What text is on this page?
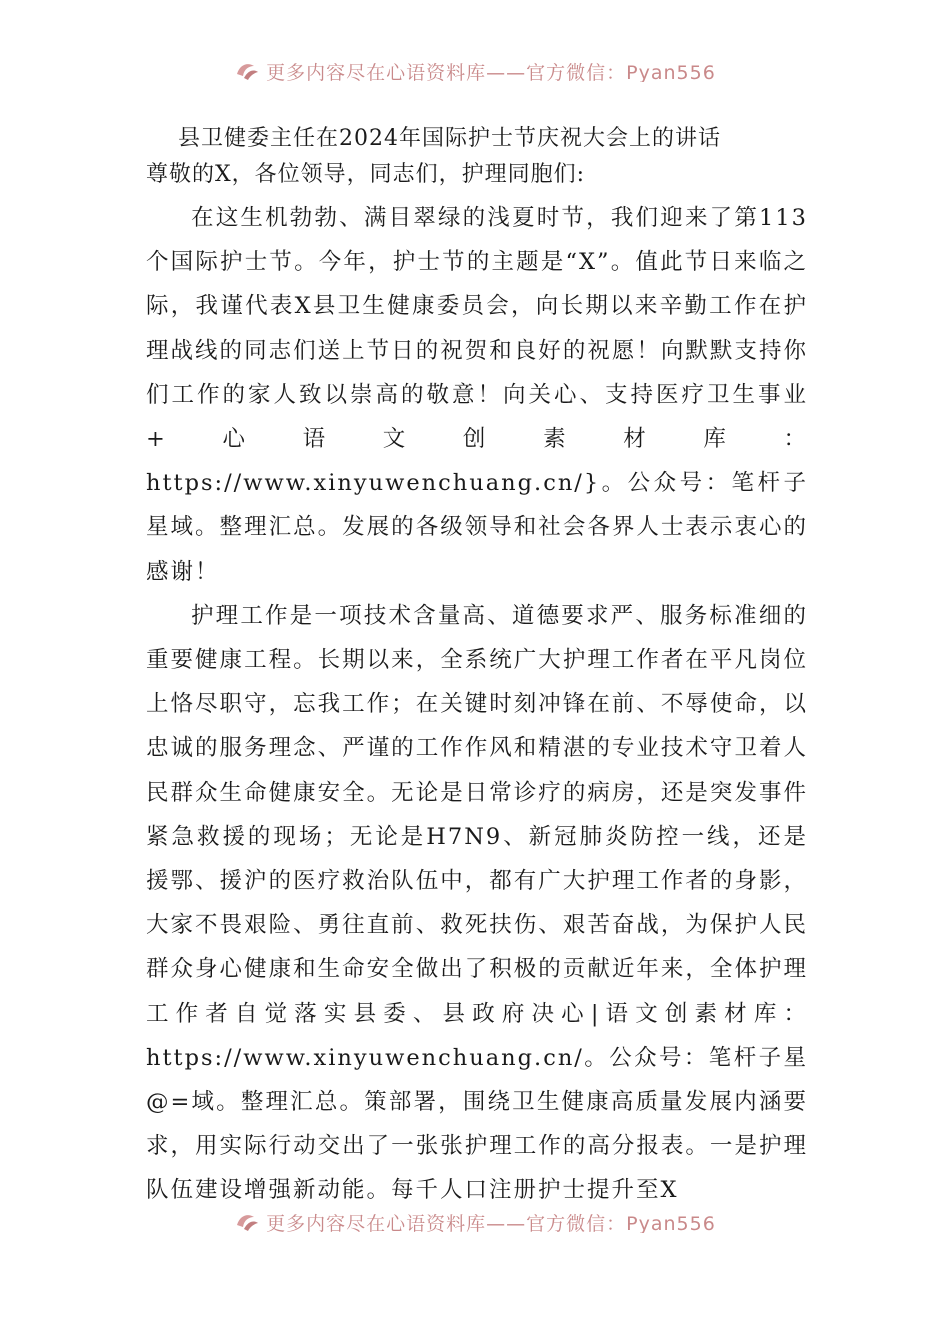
更多内容尽在心语资料库——官方微信：Pyan556
县卫健委主任在2024年国际护士节庆祝大会上的讲话
尊敬的X，各位领导，同志们，护理同胞们:

在这生机勃勃、满目翠绿的浅夏时节，我们迎来了第113个国际护士节。今年，护士节的主题是“X”。值此节日来临之际，我谨代表X县卫生健康委员会，向长期以来辛勤工作在护理战线的同志们送上节日的祝贺和良好的祝愿！向默默支持你们工作的家人致以崇高的敬意！向关心、支持医疗卫生事业+心语文创素材库：https://www.xinyuwenchuang.cn/}。公众号：笔杆子星域。整理汇总。发展的各级领导和社会各界人士表示衷心的感谢！

护理工作是一项技术含量高、道德要求严、服务标准细的重要健康工程。长期以来，全系统广大护理工作者在平凡岗位上恪尽职守，忘我工作；在关键时刻冲锋在前、不辱使命，以忠诚的服务理念、严谨的工作作风和精湛的专业技术守卫着人民群众生命健康安全。无论是日常诊疗的病房，还是突发事件紧急救援的现场；无论是H7N9、新冠肺炎防控一线，还是援鄂、援沪的医疗救治队伍中，都有广大护理工作者的身影，大家不畏艰险、勇往直前、救死扶伤、艰苦奋战，为保护人民群众身心健康和生命安全做出了积极的贡献近年来，全体护理工作者自觉落实县委、县政府决心|语文创素材库：https://www.xinyuwenchuang.cn/。公众号：笔杆子星@=域。整理汇总。策部署，围绕卫生健康高质量发展内涵要求，用实际行动交出了一张张护理工作的高分报表。一是护理队伍建设增强新动能。每千人口注册护士提升至X

更多内容尽在心语资料库——官方微信：Pyan556
